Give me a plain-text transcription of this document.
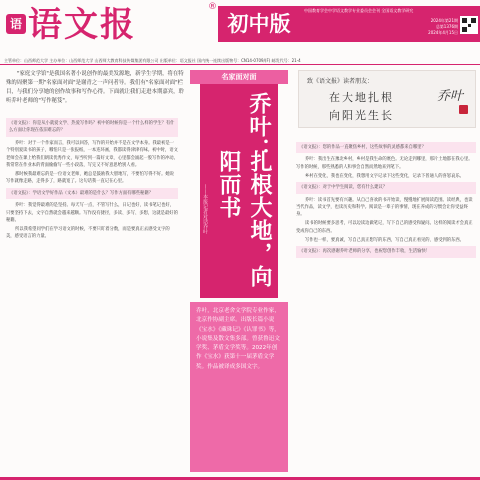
语 语文报	®
初中版
中国教育学会中学语文教学专业委员会会刊 全国语文教学研究
2024年第21期
总第1376期
2024年4月15日
主管单位：山西师范大学 主办单位：山西师范大学 山西师大教育科技传媒集团有限公司 出版单位：语文报社 国内统一连续出版物号：CN14-0709/(F) 邮发代号：21-4
"家庭文学馆"是我国名著小说创作的最美发源地，新学生学期，将在特殊的周聚第一期"名家面对面"是谢青之一声问者导。我们有"名家面对面"栏目，与我们分享她的创作故事和写作心得。下面就让我们走进本期嘉宾，聆听乔叶老师的"写作秘笈"。
《语文报》：你是从小就爱文学、热爱写作吗？初中的时候你是一个什么样的学生？有什么方面让你现在依旧难忘的？

乔叶：对于一个作家而言，我可以回答，写作的开始并不是在文学本身。我最初是一个特别爱读书的孩子，哪怕只是一张报纸，一本连环画，我都读得津津有味。初中时，语文老师会在课上给我们朗读优秀作文，每当听到一篇好文章，心里都会涌起一股写作的冲动。我常常在作业本的背面偷偷写一些小段落，写完又不好意思给别人看。

那时候我最难忘的是一位语文老师，她总是鼓励我大胆地写，不要怕写得不好。她说写作就像走路，走得多了，路就宽了。这句话我一直记在心里。

《语文报》：学语文学好作品（文本）最难的是什么？写作方面有哪些秘籍？

乔叶：我觉得最难的是坚持。每天写一点，不管写什么，日记也好，读书笔记也好，只要坚持下去，文字自然就会越来越顺。写作没有捷径，多读、多写、多想，这就是最好的秘籍。

所以我希望同学们在学习语文的时候，不要只盯着分数，而是要真正去感受文字的美，感受语言的力量。

名家面对面
乔叶：
扎根大地，向阳而书
——本报记者对话乔叶
乔叶，北京老舍文学院专业作家，北京作协副主席。出版长篇小说《宝水》《藏珠记》《认罪书》等，小说集及散文集多部。曾获鲁迅文学奖、茅盾文学奖等。2022年创作《宝水》获第十一届茅盾文学奖。作品被译成多国文字。
致《语文报》读者朋友：
在大地扎根
向阳光生长
乔叶
《语文报》：您的作品一直聚焦乡村，这些故事的灵感都来自哪里？

乔叶：我出生在豫北乡村，乡村是我生命的底色。无论走到哪里，那片土地都在我心里。写作的时候，那些熟悉的人和事会自然而然地来到笔下。

乡村在变化，我也在变化，我想用文字记录下这些变化，记录下普通人的喜怒哀乐。

《语文报》：对于中学生阅读，您有什么建议？

乔叶：读书首先要有兴趣。从自己喜欢的书开始读，慢慢地扩展阅读范围。读经典，也读当代作品，读文学，也读历史和科学。阅读是一辈子的事情，现在养成的习惯会让你受益终身。

读书的时候要多思考，可以边读边做笔记，写下自己的感受和疑问。这样的阅读才会真正变成你自己的东西。

写作也一样，要真诚，写自己真正想写的东西，写自己真正看见的、感受到的东西。

《语文报》：再次感谢乔叶老师的分享，也祝您创作丰收，生活愉快！
